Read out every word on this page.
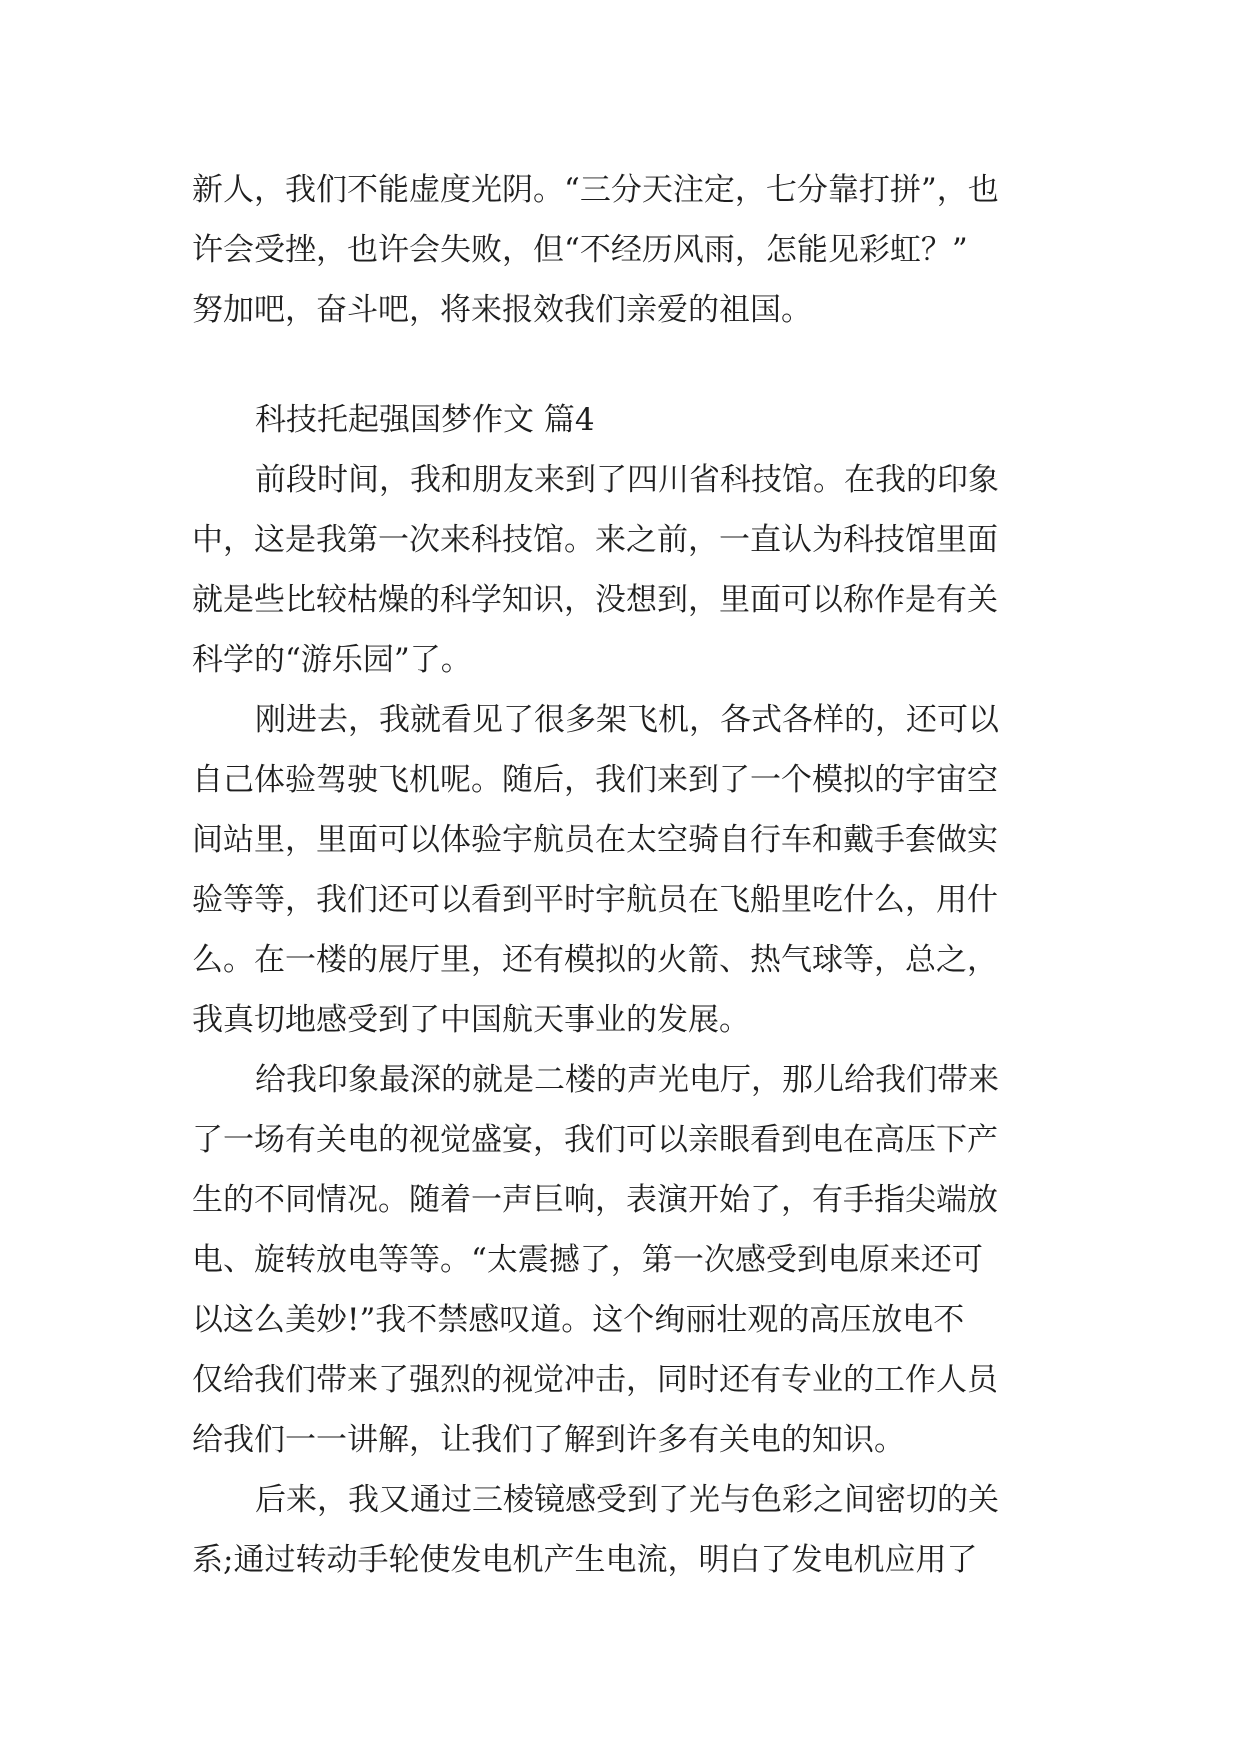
新人，我们不能虚度光阴。“三分天注定，七分靠打拼”，也
许会受挫，也许会失败，但“不经历风雨，怎能见彩虹？”
努加吧，奋斗吧，将来报效我们亲爱的祖国。
科技托起强国梦作文 篇4
前段时间，我和朋友来到了四川省科技馆。在我的印象
中，这是我第一次来科技馆。来之前，一直认为科技馆里面
就是些比较枯燥的科学知识，没想到，里面可以称作是有关
科学的“游乐园”了。
刚进去，我就看见了很多架飞机，各式各样的，还可以
自己体验驾驶飞机呢。随后，我们来到了一个模拟的宇宙空
间站里，里面可以体验宇航员在太空骑自行车和戴手套做实
验等等，我们还可以看到平时宇航员在飞船里吃什么，用什
么。在一楼的展厅里，还有模拟的火箭、热气球等，总之，
我真切地感受到了中国航天事业的发展。
给我印象最深的就是二楼的声光电厅，那儿给我们带来
了一场有关电的视觉盛宴，我们可以亲眼看到电在高压下产
生的不同情况。随着一声巨响，表演开始了，有手指尖端放
电、旋转放电等等。“太震撼了，第一次感受到电原来还可
以这么美妙!”我不禁感叹道。这个绚丽壮观的高压放电不
仅给我们带来了强烈的视觉冲击，同时还有专业的工作人员
给我们一一讲解，让我们了解到许多有关电的知识。
后来，我又通过三棱镜感受到了光与色彩之间密切的关
系;通过转动手轮使发电机产生电流，明白了发电机应用了
